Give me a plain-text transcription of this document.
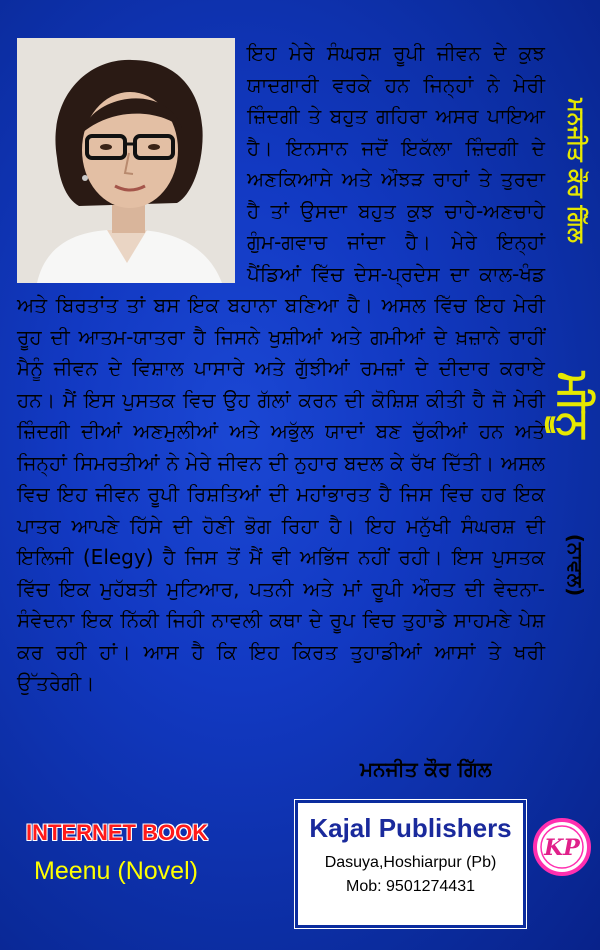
ਇਹ ਮੇਰੇ ਸੰਘਰਸ਼ ਰੂਪੀ ਜੀਵਨ ਦੇ ਕੁਝ ਯਾਦਗਾਰੀ ਵਰਕੇ ਹਨ ਜਿਨ੍ਹਾਂ ਨੇ ਮੇਰੀ ਜ਼ਿੰਦਗੀ ਤੇ ਬਹੁਤ ਗਹਿਰਾ ਅਸਰ ਪਾਇਆ ਹੈ। ਇਨਸਾਨ ਜਦੋਂ ਇਕੱਲਾ ਜ਼ਿੰਦਗੀ ਦੇ ਅਣਕਿਆਸੇ ਅਤੇ ਔਝੜ ਰਾਹਾਂ ਤੇ ਤੁਰਦਾ ਹੈ ਤਾਂ ਉਸਦਾ ਬਹੁਤ ਕੁਝ ਚਾਹੇ-ਅਣਚਾਹੇ ਗੁੰਮ-ਗਵਾਚ ਜਾਂਦਾ ਹੈ। ਮੇਰੇ ਇਨ੍ਹਾਂ ਪੈਂਡਿਆਂ ਵਿੱਚ ਦੇਸ-ਪ੍ਰਦੇਸ ਦਾ ਕਾਲ-ਖੰਡ ਅਤੇ ਬਿਰਤਾਂਤ ਤਾਂ ਬਸ ਇਕ ਬਹਾਨਾ ਬਣਿਆ ਹੈ। ਅਸਲ ਵਿੱਚ ਇਹ ਮੇਰੀ ਰੂਹ ਦੀ ਆਤਮ-ਯਾਤਰਾ ਹੈ ਜਿਸਨੇ ਖੁਸ਼ੀਆਂ ਅਤੇ ਗਮੀਆਂ ਦੇ ਖ਼ਜ਼ਾਨੇ ਰਾਹੀਂ ਮੈਨੂੰ ਜੀਵਨ ਦੇ ਵਿਸ਼ਾਲ ਪਾਸਾਰੇ ਅਤੇ ਗੁੱਝੀਆਂ ਰਮਜ਼ਾਂ ਦੇ ਦੀਦਾਰ ਕਰਾਏ ਹਨ। ਮੈਂ ਇਸ ਪੁਸਤਕ ਵਿਚ ਉਹ ਗੱਲਾਂ ਕਰਨ ਦੀ ਕੋਸ਼ਿਸ਼ ਕੀਤੀ ਹੈ ਜੋ ਮੇਰੀ ਜ਼ਿੰਦਗੀ ਦੀਆਂ ਅਣਮੁਲੀਆਂ ਅਤੇ ਅਭੁੱਲ ਯਾਦਾਂ ਬਣ ਚੁੱਕੀਆਂ ਹਨ ਅਤੇ ਜਿਨ੍ਹਾਂ ਸਿਮਰਤੀਆਂ ਨੇ ਮੇਰੇ ਜੀਵਨ ਦੀ ਨੁਹਾਰ ਬਦਲ ਕੇ ਰੱਖ ਦਿੱਤੀ। ਅਸਲ ਵਿਚ ਇਹ ਜੀਵਨ ਰੂਪੀ ਰਿਸ਼ਤਿਆਂ ਦੀ ਮਹਾਂਭਾਰਤ ਹੈ ਜਿਸ ਵਿਚ ਹਰ ਇਕ ਪਾਤਰ ਆਪਣੇ ਹਿੱਸੇ ਦੀ ਹੋਣੀ ਭੋਗ ਰਿਹਾ ਹੈ। ਇਹ ਮਨੁੱਖੀ ਸੰਘਰਸ਼ ਦੀ ਇਲਿਜੀ (Elegy) ਹੈ ਜਿਸ ਤੋਂ ਮੈਂ ਵੀ ਅਭਿੱਜ ਨਹੀਂ ਰਹੀ। ਇਸ ਪੁਸਤਕ ਵਿੱਚ ਇਕ ਮੁਹੱਬਤੀ ਮੁਟਿਆਰ, ਪਤਨੀ ਅਤੇ ਮਾਂ ਰੂਪੀ ਔਰਤ ਦੀ ਵੇਦਨਾ-ਸੰਵੇਦਨਾ ਇਕ ਨਿੱਕੀ ਜਿਹੀ ਨਾਵਲੀ ਕਥਾ ਦੇ ਰੂਪ ਵਿਚ ਤੁਹਾਡੇ ਸਾਹਮਣੇ ਪੇਸ਼ ਕਰ ਰਹੀ ਹਾਂ। ਆਸ ਹੈ ਕਿ ਇਹ ਕਿਰਤ ਤੁਹਾਡੀਆਂ ਆਸਾਂ ਤੇ ਖਰੀ ਉੱਤਰੇਗੀ।
ਮਨਜੀਤ ਕੌਰ ਗਿੱਲ
ਮਨਜੀਤ ਕੌਰ ਗਿੱਲ
ਮੀਨੂ
(ਨਾਵਲ)
INTERNET BOOK
Meenu (Novel)
Kajal Publishers
Dasuya,Hoshiarpur (Pb)
Mob: 9501274431
KP
